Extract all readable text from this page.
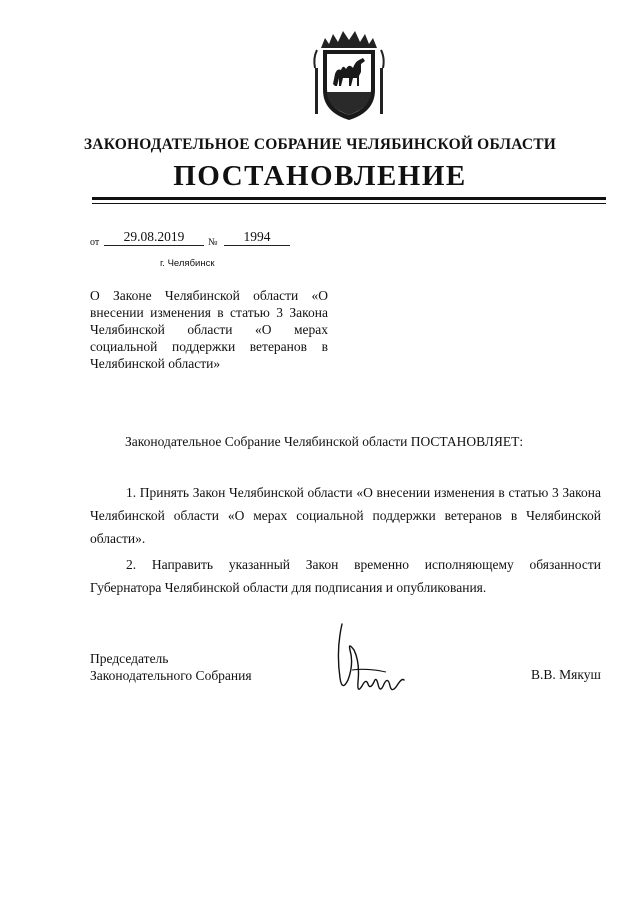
ЗАКОНОДАТЕЛЬНОЕ СОБРАНИЕ ЧЕЛЯБИНСКОЙ ОБЛАСТИ
ПОСТАНОВЛЕНИЕ
от	29.08.2019	№	1994
г. Челябинск
О Законе Челябинской области «О внесении изменения в статью 3 Закона Челябинской области «О мерах социальной поддержки ветеранов в Челябинской области»
Законодательное Собрание Челябинской области ПОСТАНОВЛЯЕТ:
1. Принять Закон Челябинской области «О внесении изменения в статью 3 Закона Челябинской области «О мерах социальной поддержки ветеранов в Челябинской области».
2. Направить указанный Закон временно исполняющему обязанности Губернатора Челябинской области для подписания и опубликования.
Председатель
Законодательного Собрания	В.В. Мякуш
